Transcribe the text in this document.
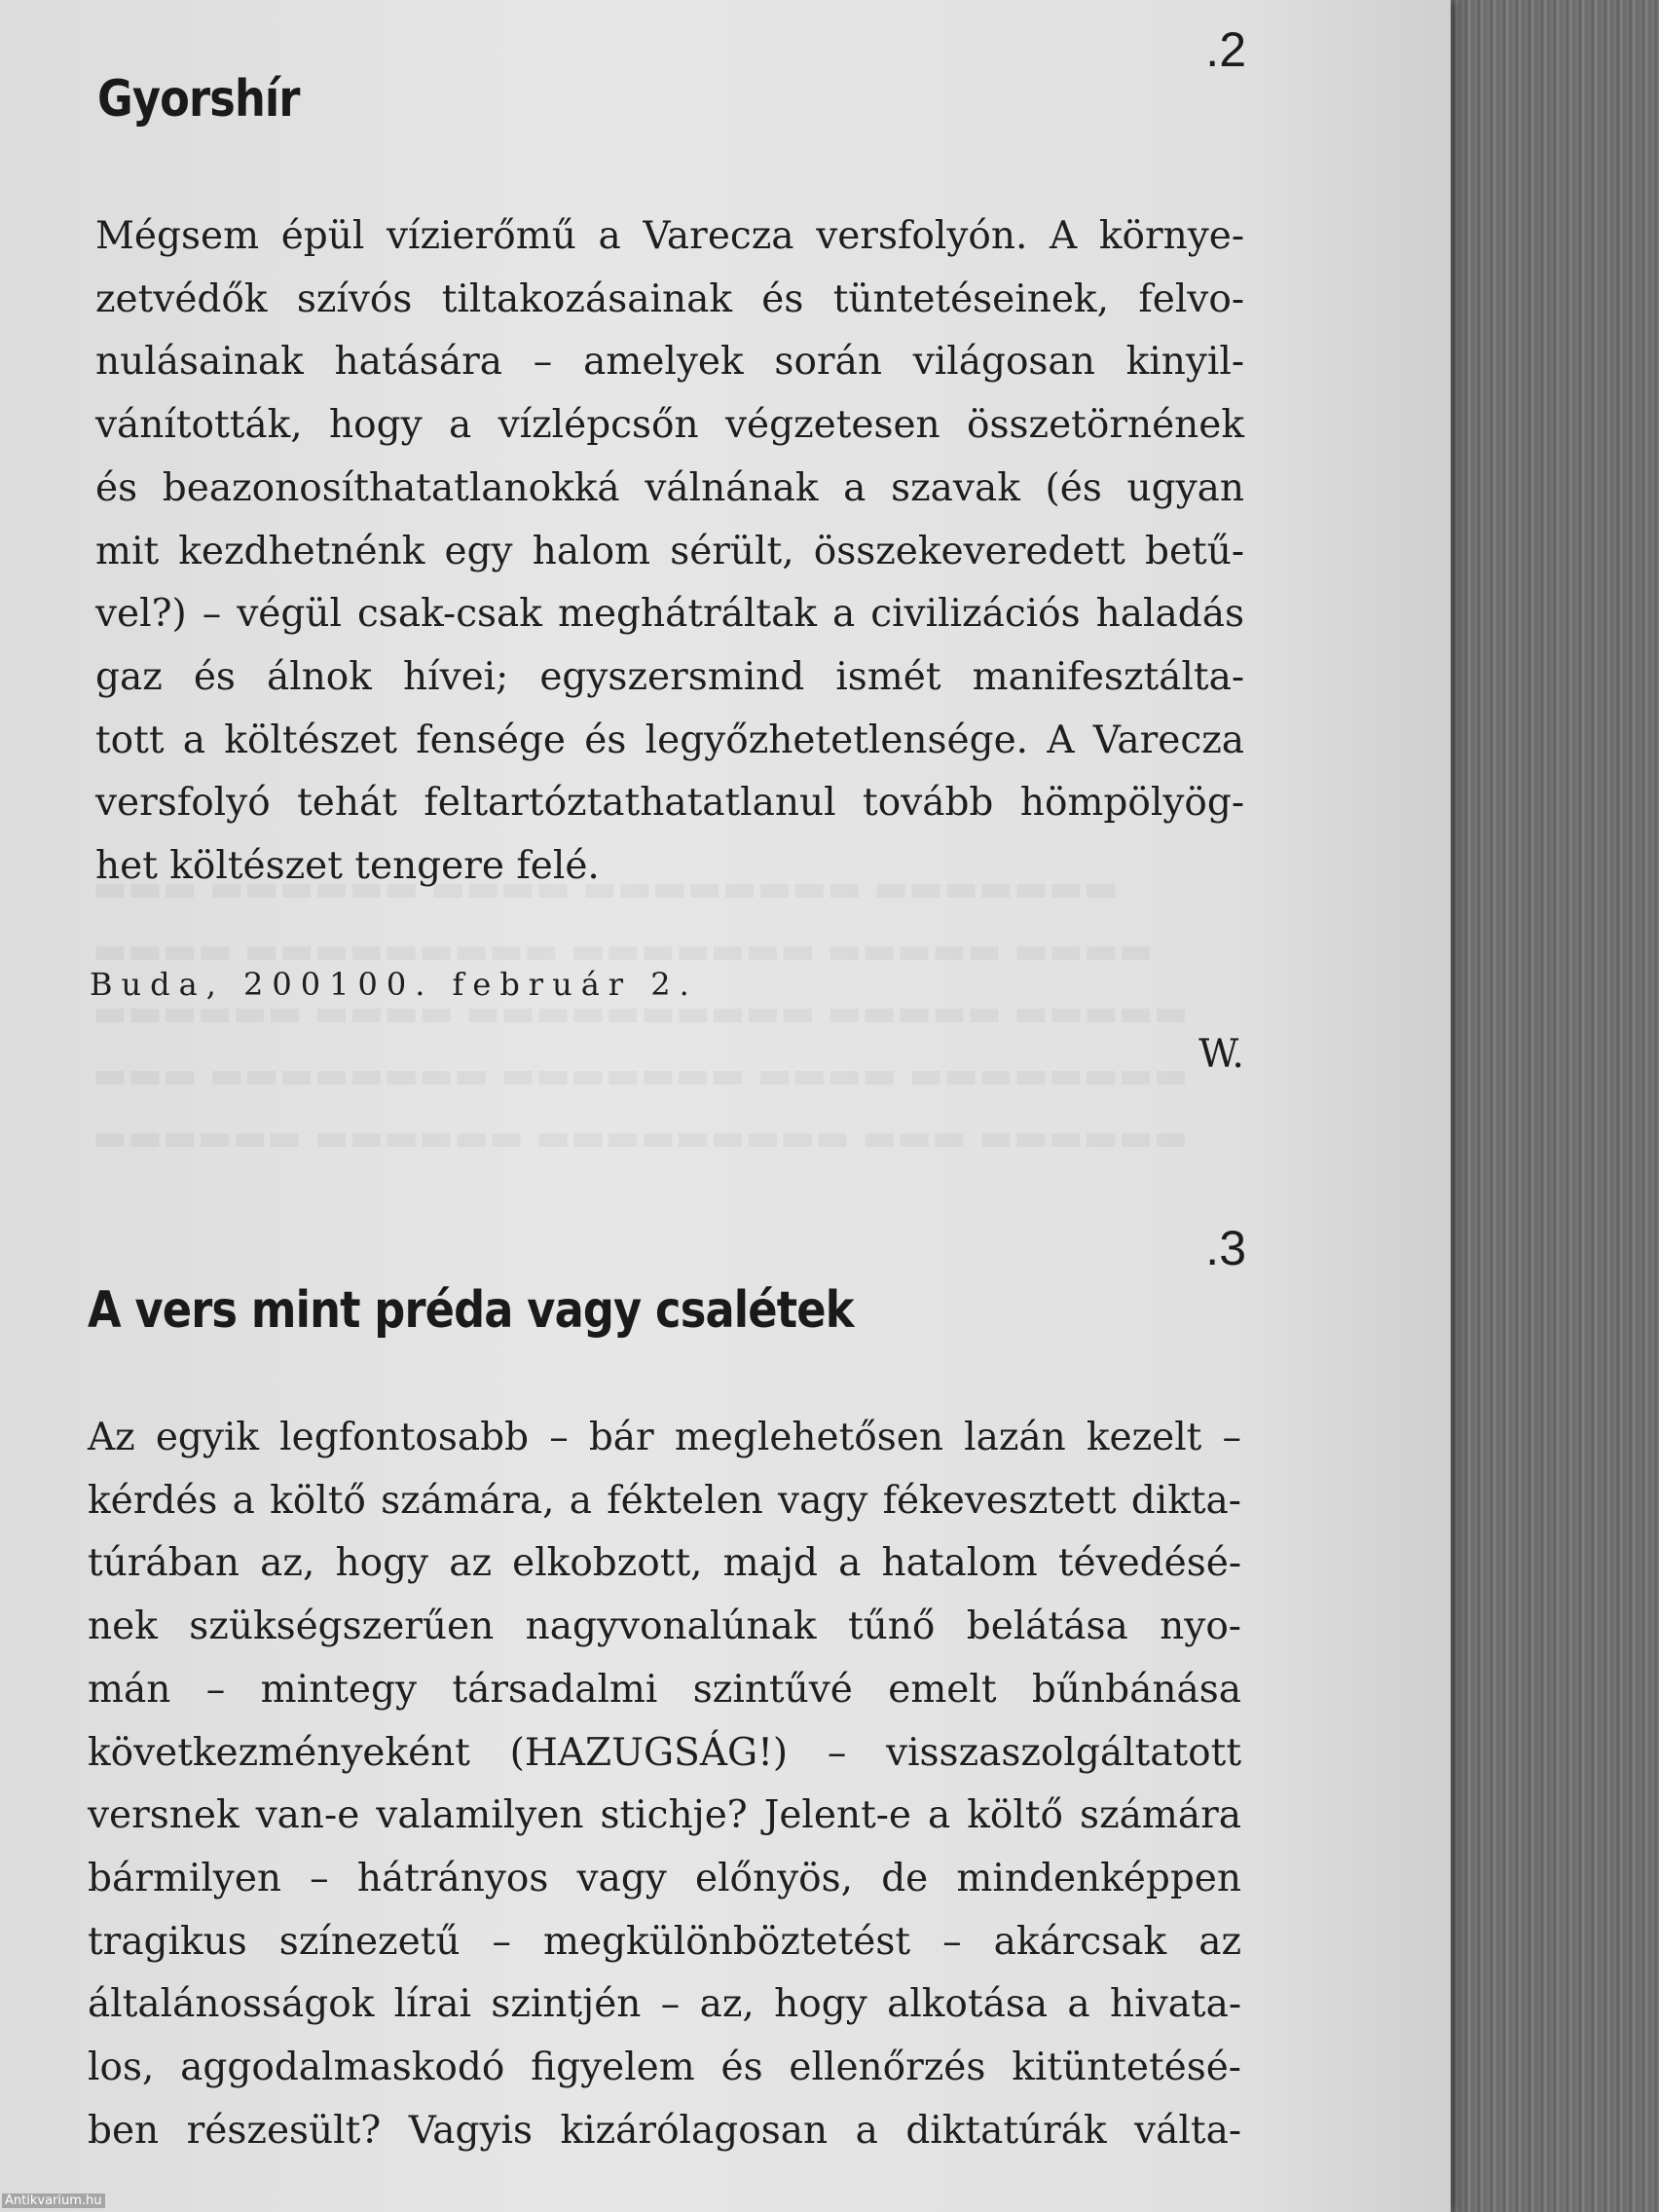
.2
Gyorshír
Mégsem épül vízierőmű a Varecza versfolyón. A környe-
zetvédők szívós tiltakozásainak és tüntetéseinek, felvo-
nulásainak hatására – amelyek során világosan kinyil-
vánították, hogy a vízlépcsőn végzetesen összetörnének
és beazonosíthatatlanokká válnának a szavak (és ugyan
mit kezdhetnénk egy halom sérült, összekeveredett betű-
vel?) – végül csak-csak meghátráltak a civilizációs haladás
gaz és álnok hívei; egyszersmind ismét manifesztálta-
tott a költészet fensége és legyőzhetetlensége. A Varecza
versfolyó tehát feltartóztathatatlanul tovább hömpölyög-
het költészet tengere felé.
Buda, 200100. február 2.
W.
.3
A vers mint préda vagy csalétek
Az egyik legfontosabb – bár meglehetősen lazán kezelt –
kérdés a költő számára, a féktelen vagy fékevesztett dikta-
túrában az, hogy az elkobzott, majd a hatalom tévedésé-
nek szükségszerűen nagyvonalúnak tűnő belátása nyo-
mán – mintegy társadalmi szintűvé emelt bűnbánása
következményeként (HAZUGSÁG!) – visszaszolgáltatott
versnek van-e valamilyen stichje? Jelent-e a költő számára
bármilyen – hátrányos vagy előnyös, de mindenképpen
tragikus színezetű – megkülönböztetést – akárcsak az
általánosságok lírai szintjén – az, hogy alkotása a hivata-
los, aggodalmaskodó figyelem és ellenőrzés kitüntetésé-
ben részesült? Vagyis kizárólagosan a diktatúrák válta-
Antikvarium.hu
